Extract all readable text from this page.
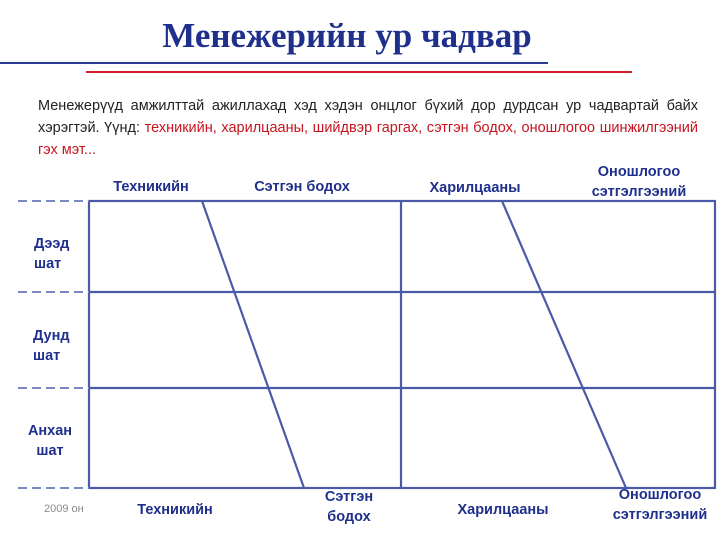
Менежерийн ур чадвар
Менежерүүд амжилттай ажиллахад хэд хэдэн онцлог бүхий дор дурдсан ур чадвартай байх хэрэгтэй. Үүнд: техникийн, харилцааны, шийдвэр гаргах, сэтгэн бодох, оношлогоо шинжилгээний гэх мэт...
Техникийн	Сэтгэн бодох	Харилцааны
Оношлогоо
сэтгэлгээний
Дээд
шат
Дунд
шат
Анхан
шат
2009 он	Техникийн
Сэтгэн
бодох	Харилцааны
Оношлогоо
сэтгэлгээний
